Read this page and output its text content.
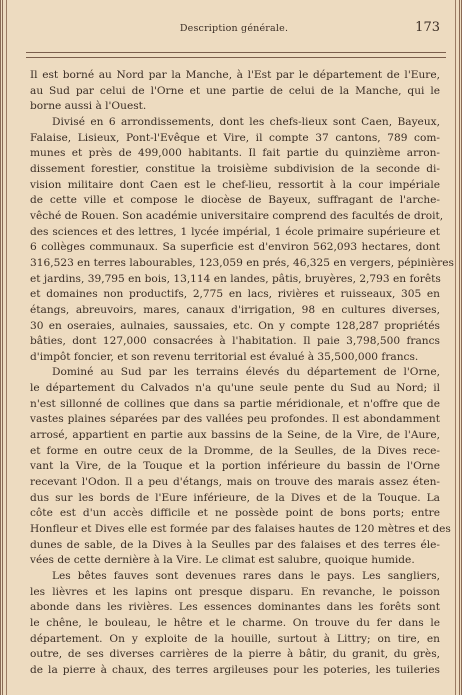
Description générale.	173
Il est borné au Nord par la Manche, à l'Est par le département de l'Eure,
au Sud par celui de l'Orne et une partie de celui de la Manche, qui le
borne aussi à l'Ouest.
Divisé en 6 arrondissements, dont les chefs-lieux sont Caen, Bayeux,
Falaise, Lisieux, Pont-l'Evêque et Vire, il compte 37 cantons, 789 com-
munes et près de 499,000 habitants. Il fait partie du quinzième arron-
dissement forestier, constitue la troisième subdivision de la seconde di-
vision militaire dont Caen est le chef-lieu, ressortit à la cour impériale
de cette ville et compose le diocèse de Bayeux, suffragant de l'arche-
vêché de Rouen. Son académie universitaire comprend des facultés de droit,
des sciences et des lettres, 1 lycée impérial, 1 école primaire supérieure et
6 collèges communaux. Sa superficie est d'environ 562,093 hectares, dont
316,523 en terres labourables, 123,059 en prés, 46,325 en vergers, pépinières
et jardins, 39,795 en bois, 13,114 en landes, pâtis, bruyères, 2,793 en forêts
et domaines non productifs, 2,775 en lacs, rivières et ruisseaux, 305 en
étangs, abreuvoirs, mares, canaux d'irrigation, 98 en cultures diverses,
30 en oseraies, aulnaies, saussaies, etc. On y compte 128,287 propriétés
bâties, dont 127,000 consacrées à l'habitation. Il paie 3,798,500 francs
d'impôt foncier, et son revenu territorial est évalué à 35,500,000 francs.
Dominé au Sud par les terrains élevés du département de l'Orne,
le département du Calvados n'a qu'une seule pente du Sud au Nord; il
n'est sillonné de collines que dans sa partie méridionale, et n'offre que de
vastes plaines séparées par des vallées peu profondes. Il est abondamment
arrosé, appartient en partie aux bassins de la Seine, de la Vire, de l'Aure,
et forme en outre ceux de la Dromme, de la Seulles, de la Dives rece-
vant la Vire, de la Touque et la portion inférieure du bassin de l'Orne
recevant l'Odon. Il a peu d'étangs, mais on trouve des marais assez éten-
dus sur les bords de l'Eure inférieure, de la Dives et de la Touque. La
côte est d'un accès difficile et ne possède point de bons ports; entre
Honfleur et Dives elle est formée par des falaises hautes de 120 mètres et des
dunes de sable, de la Dives à la Seulles par des falaises et des terres éle-
vées de cette dernière à la Vire. Le climat est salubre, quoique humide.
Les bêtes fauves sont devenues rares dans le pays. Les sangliers,
les lièvres et les lapins ont presque disparu. En revanche, le poisson
abonde dans les rivières. Les essences dominantes dans les forêts sont
le chêne, le bouleau, le hêtre et le charme. On trouve du fer dans le
département. On y exploite de la houille, surtout à Littry; on tire, en
outre, de ses diverses carrières de la pierre à bâtir, du granit, du grès,
de la pierre à chaux, des terres argileuses pour les poteries, les tuileries
